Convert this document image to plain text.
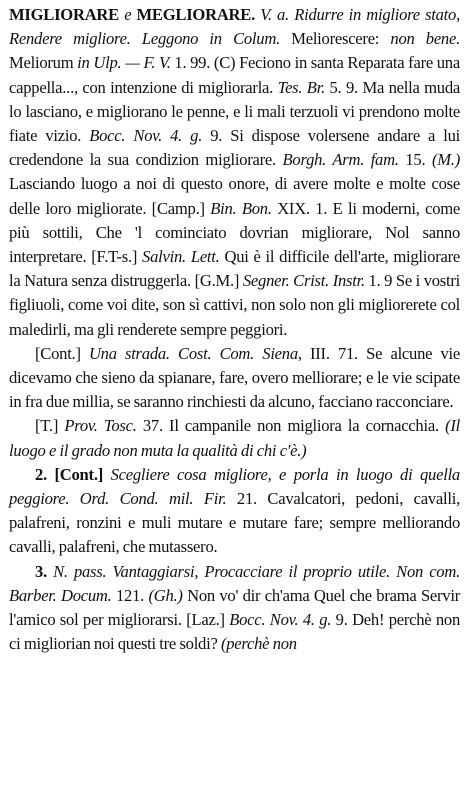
MIGLIORARE e MEGLIORARE. V. a. Ridurre in migliore stato, Rendere migliore. Leggono in Colum. Meliorescere: non bene. Meliorum in Ulp. — F. V. 1. 99. (C) Feciono in santa Reparata fare una cappella..., con intenzione di migliorarla. Tes. Br. 5. 9. Ma nella muda lo lasciano, e migliorano le penne, e li mali terzuoli vi prendono molte fiate vizio. Bocc. Nov. 4. g. 9. Si dispose volersene andare a lui credendone la sua condizion migliorare. Borgh. Arm. fam. 15. (M.) Lasciando luogo a noi di questo onore, di avere molte e molte cose delle loro migliorate. [Camp.] Bin. Bon. XIX. 1. E li moderni, come più sottili, Che 'l cominciato dovrian migliorare, Nol sanno interpretare. [F.T-s.] Salvin. Lett. Qui è il difficile dell'arte, migliorare la Natura senza distruggerla. [G.M.] Segner. Crist. Instr. 1. 9 Se i vostri figliuoli, come voi dite, son sì cattivi, non solo non gli migliorerete col maledirli, ma gli renderete sempre peggiori.

[Cont.] Una strada. Cost. Com. Siena, III. 71. Se alcune vie dicevamo che sieno da spianare, fare, overo melliorare; e le vie scipate in fra due millia, se saranno rinchiesti da alcuno, facciano racconciare.

[T.] Prov. Tosc. 37. Il campanile non migliora la cornacchia. (Il luogo e il grado non muta la qualità di chi c'è.)

2. [Cont.] Scegliere cosa migliore, e porla in luogo di quella peggiore. Ord. Cond. mil. Fir. 21. Cavalcatori, pedoni, cavalli, palafreni, ronzini e muli mutare e mutare fare; sempre melliorando cavalli, palafreni, che mutassero.

3. N. pass. Vantaggiarsi, Procacciare il proprio utile. Non com. Barber. Docum. 121. (Gh.) Non vo' dir ch'ama Quel che brama Servir l'amico sol per migliorarsi. [Laz.] Bocc. Nov. 4. g. 9. Deh! perchè non ci migliorian noi questi tre soldi? (perchè non
